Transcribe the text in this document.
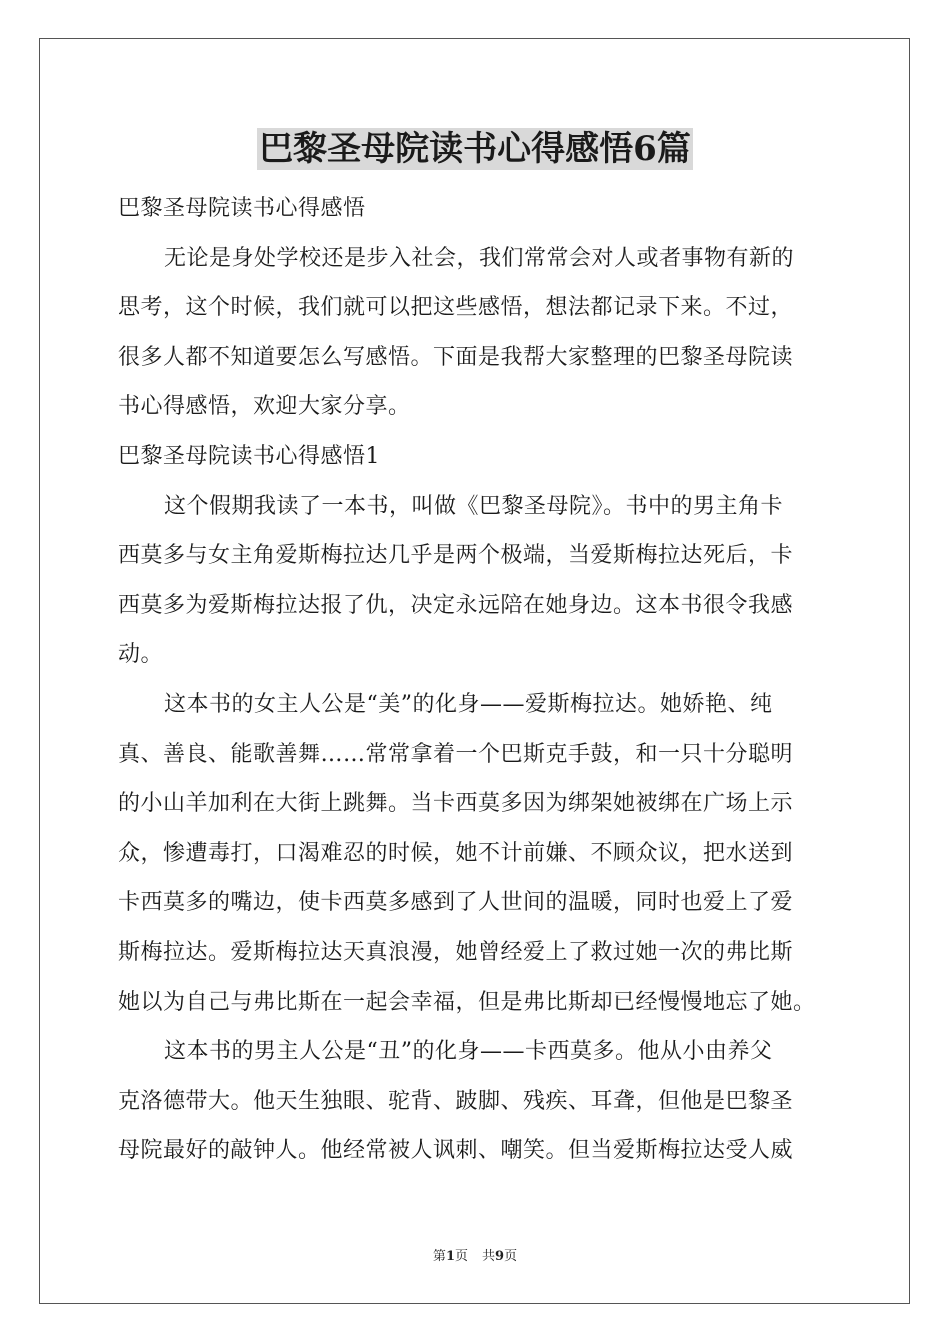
巴黎圣母院读书心得感悟6篇
巴黎圣母院读书心得感悟
无论是身处学校还是步入社会，我们常常会对人或者事物有新的
思考，这个时候，我们就可以把这些感悟，想法都记录下来。不过，
很多人都不知道要怎么写感悟。下面是我帮大家整理的巴黎圣母院读
书心得感悟，欢迎大家分享。
巴黎圣母院读书心得感悟1
这个假期我读了一本书，叫做《巴黎圣母院》。书中的男主角卡
西莫多与女主角爱斯梅拉达几乎是两个极端，当爱斯梅拉达死后，卡
西莫多为爱斯梅拉达报了仇，决定永远陪在她身边。这本书很令我感
动。
这本书的女主人公是“美”的化身——爱斯梅拉达。她娇艳、纯
真、善良、能歌善舞……常常拿着一个巴斯克手鼓，和一只十分聪明
的小山羊加利在大街上跳舞。当卡西莫多因为绑架她被绑在广场上示
众，惨遭毒打，口渴难忍的时候，她不计前嫌、不顾众议，把水送到
卡西莫多的嘴边，使卡西莫多感到了人世间的温暖，同时也爱上了爱
斯梅拉达。爱斯梅拉达天真浪漫，她曾经爱上了救过她一次的弗比斯
她以为自己与弗比斯在一起会幸福，但是弗比斯却已经慢慢地忘了她。
这本书的男主人公是“丑”的化身——卡西莫多。他从小由养父
克洛德带大。他天生独眼、驼背、跛脚、残疾、耳聋，但他是巴黎圣
母院最好的敲钟人。他经常被人讽刺、嘲笑。但当爱斯梅拉达受人威
第1页 共9页
